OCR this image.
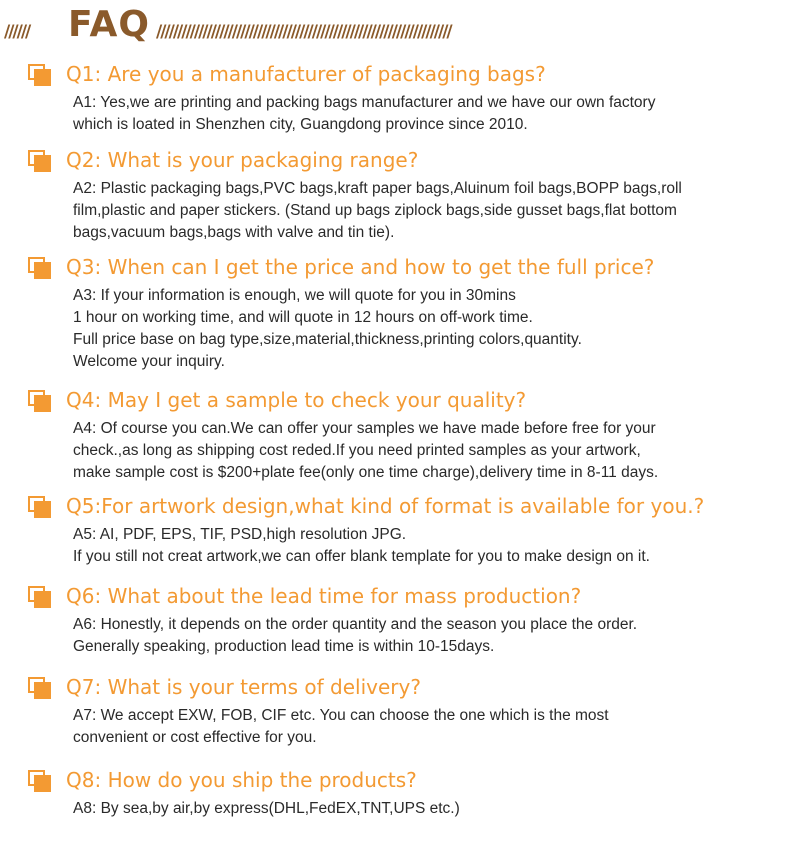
//////	FAQ //////////////////////////////////////////////////////////////////////
Q1: Are you a manufacturer of packaging bags?
A1: Yes,we are printing and packing bags manufacturer and we have our own factory
which is loated in Shenzhen city, Guangdong province since 2010.
Q2: What is your packaging range?
A2: Plastic packaging bags,PVC bags,kraft paper bags,Aluinum foil bags,BOPP bags,roll
film,plastic and paper stickers. (Stand up bags ziplock bags,side gusset bags,flat bottom
bags,vacuum bags,bags with valve and tin tie).
Q3: When can I get the price and how to get the full price?
A3: If your information is enough, we will quote for you in 30mins
1 hour on working time, and will quote in 12 hours on off-work time.
Full price base on bag type,size,material,thickness,printing colors,quantity.
Welcome your inquiry.
Q4: May I get a sample to check your quality?
A4: Of course you can.We can offer your samples we have made before free for your
check.,as long as shipping cost reded.If you need printed samples as your artwork,
make sample cost is $200+plate fee(only one time charge),delivery time in 8-11 days.
Q5:For artwork design,what kind of format is available for you.?
A5: AI, PDF, EPS, TIF, PSD,high resolution JPG.
If you still not creat artwork,we can offer blank template for you to make design on it.
Q6: What about the lead time for mass production?
A6: Honestly, it depends on the order quantity and the season you place the order.
Generally speaking, production lead time is within 10-15days.
Q7: What is your terms of delivery?
A7: We accept EXW, FOB, CIF etc. You can choose the one which is the most
convenient or cost effective for you.
Q8: How do you ship the products?
A8: By sea,by air,by express(DHL,FedEX,TNT,UPS etc.)
